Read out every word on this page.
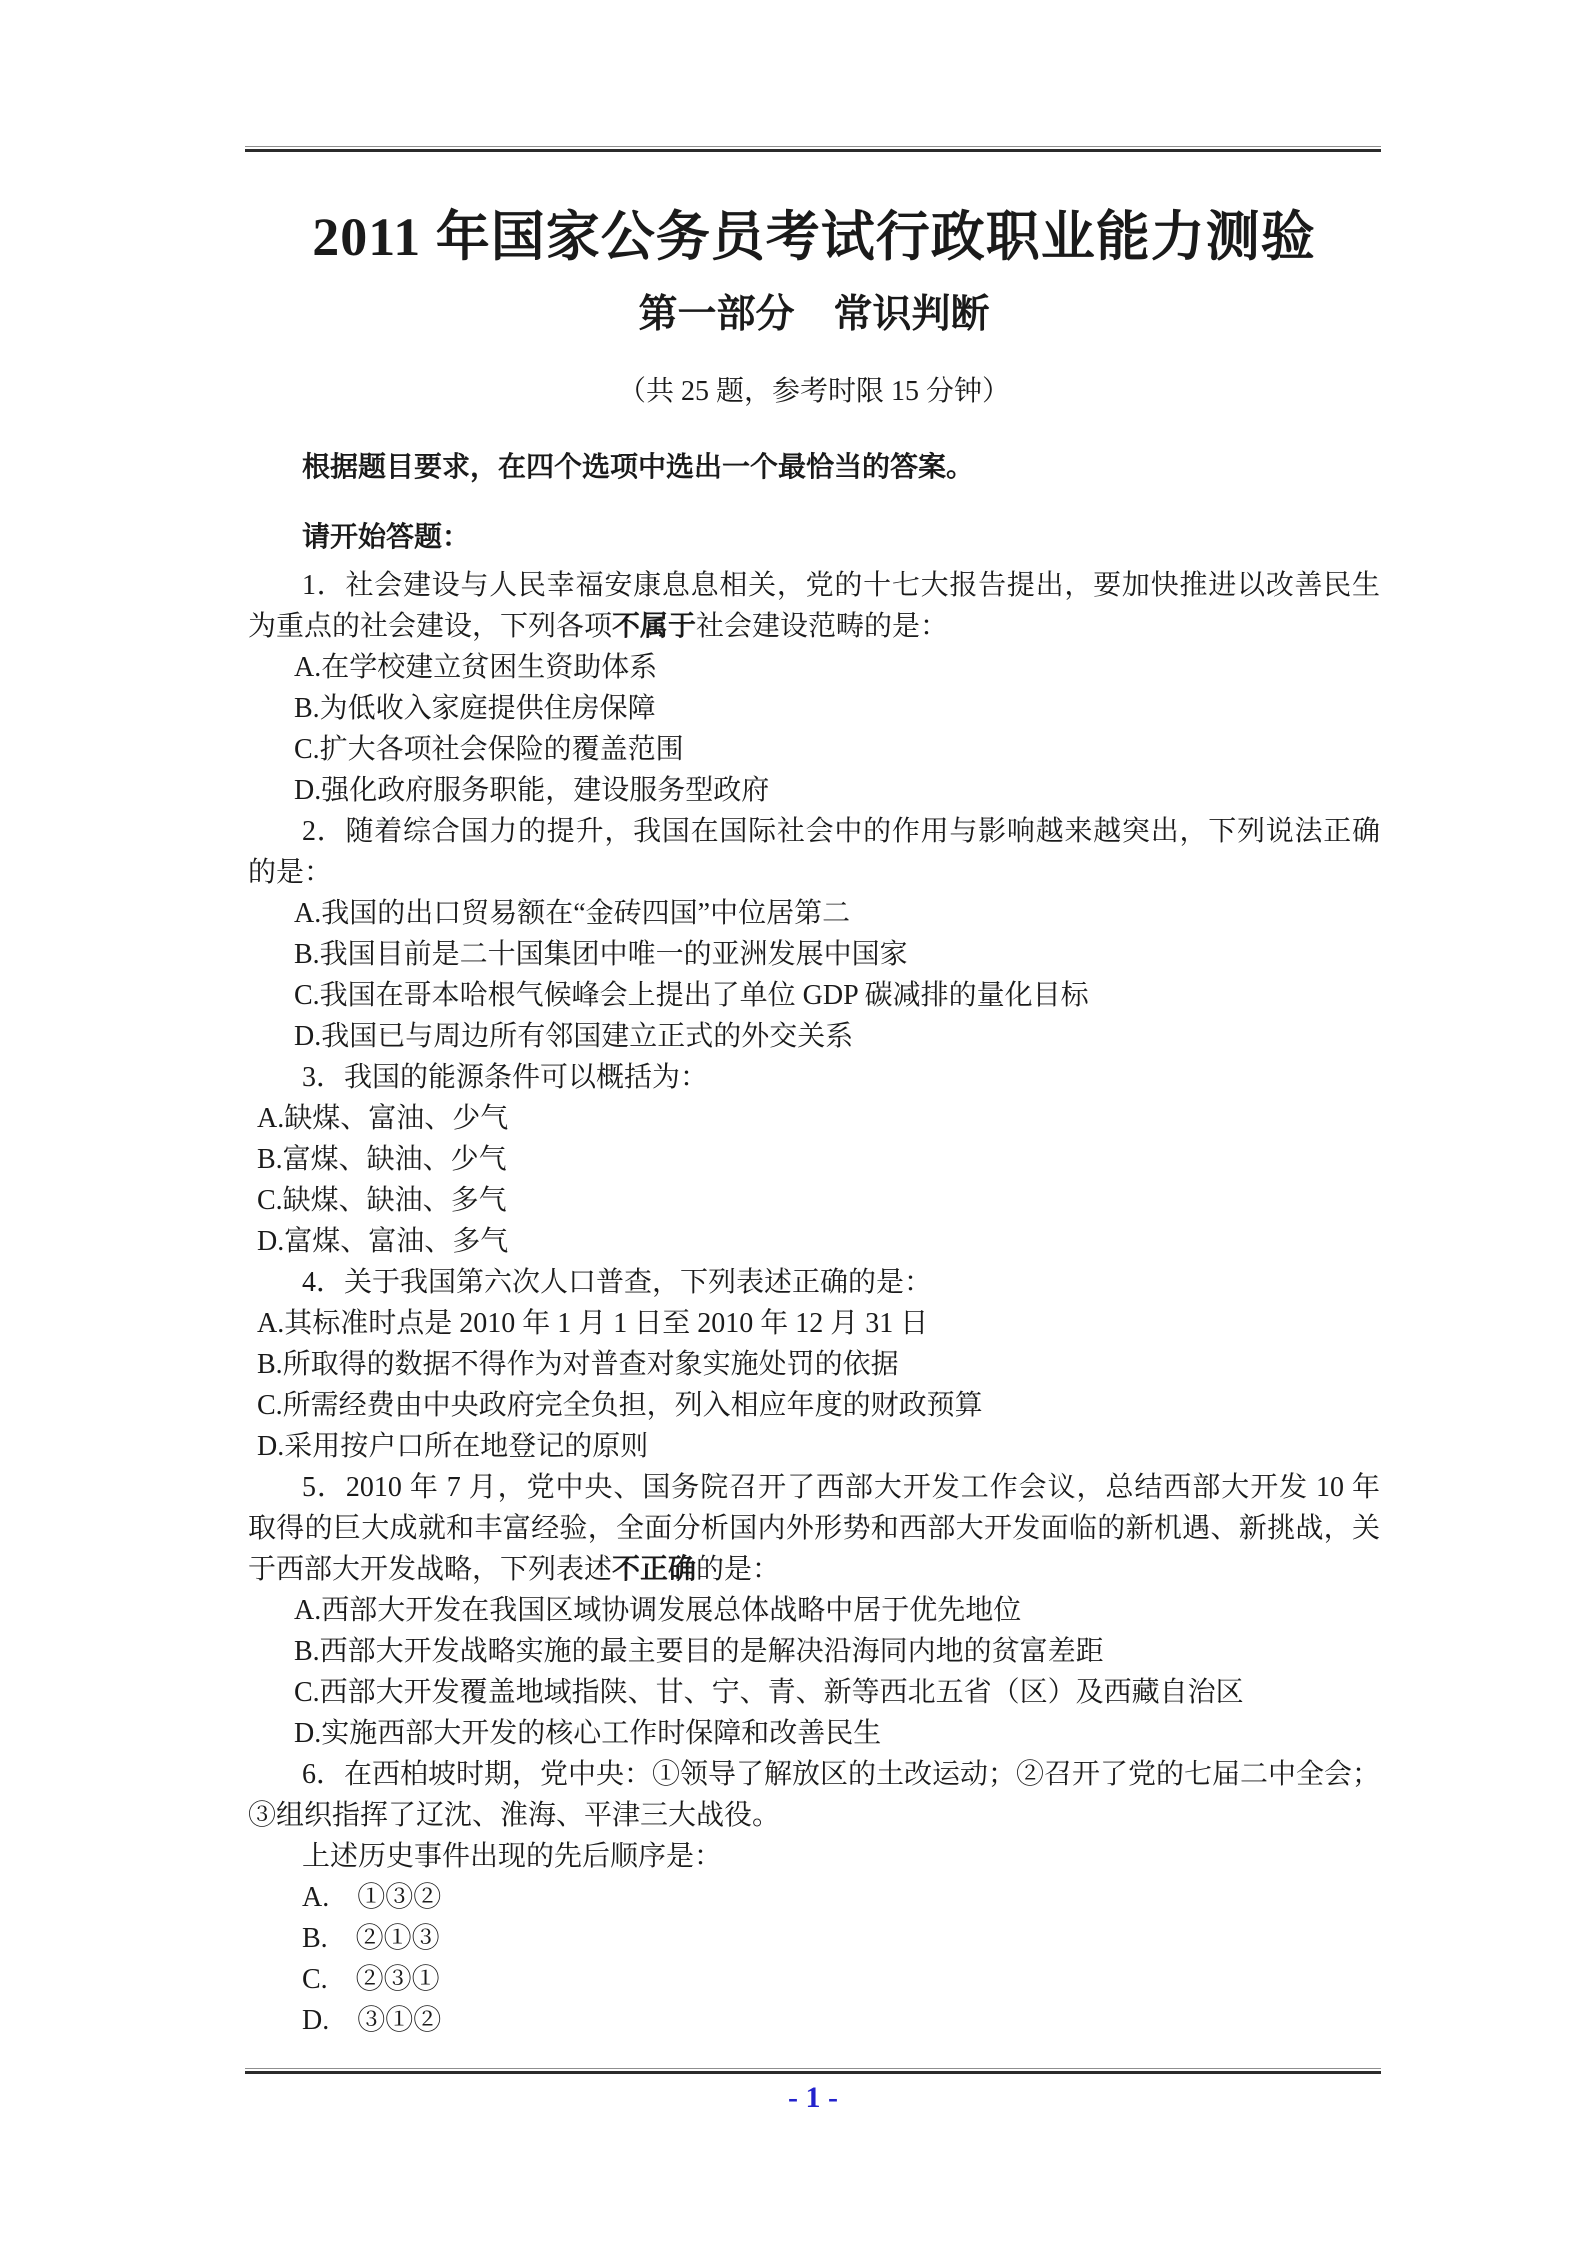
2011 年国家公务员考试行政职业能力测验
第一部分　常识判断
（共 25 题，参考时限 15 分钟）
根据题目要求，在四个选项中选出一个最恰当的答案。
请开始答题：
1．社会建设与人民幸福安康息息相关，党的十七大报告提出，要加快推进以改善民生
为重点的社会建设，下列各项不属于社会建设范畴的是：
A.在学校建立贫困生资助体系
B.为低收入家庭提供住房保障
C.扩大各项社会保险的覆盖范围
D.强化政府服务职能，建设服务型政府
2．随着综合国力的提升，我国在国际社会中的作用与影响越来越突出，下列说法正确
的是：
A.我国的出口贸易额在“金砖四国”中位居第二
B.我国目前是二十国集团中唯一的亚洲发展中国家
C.我国在哥本哈根气候峰会上提出了单位 GDP 碳减排的量化目标
D.我国已与周边所有邻国建立正式的外交关系
3．我国的能源条件可以概括为：
A.缺煤、富油、少气
B.富煤、缺油、少气
C.缺煤、缺油、多气
D.富煤、富油、多气
4．关于我国第六次人口普查，下列表述正确的是：
A.其标准时点是 2010 年 1 月 1 日至 2010 年 12 月 31 日
B.所取得的数据不得作为对普查对象实施处罚的依据
C.所需经费由中央政府完全负担，列入相应年度的财政预算
D.采用按户口所在地登记的原则
5．2010 年 7 月，党中央、国务院召开了西部大开发工作会议，总结西部大开发 10 年
取得的巨大成就和丰富经验，全面分析国内外形势和西部大开发面临的新机遇、新挑战，关
于西部大开发战略，下列表述不正确的是：
A.西部大开发在我国区域协调发展总体战略中居于优先地位
B.西部大开发战略实施的最主要目的是解决沿海同内地的贫富差距
C.西部大开发覆盖地域指陕、甘、宁、青、新等西北五省（区）及西藏自治区
D.实施西部大开发的核心工作时保障和改善民生
6．在西柏坡时期，党中央：①领导了解放区的土改运动；②召开了党的七届二中全会；
③组织指挥了辽沈、淮海、平津三大战役。
上述历史事件出现的先后顺序是：
A.　①③②
B.　②①③
C.　②③①
D.　③①②
- 1 -
